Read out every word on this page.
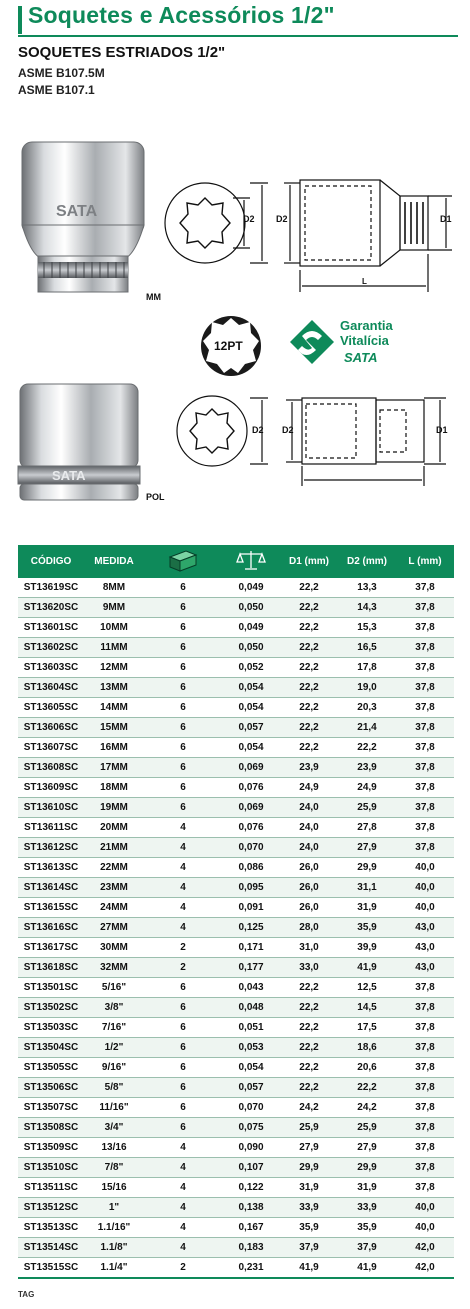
Soquetes e Acessórios 1/2"
SOQUETES ESTRIADOS 1/2"
ASME B107.5M
ASME B107.1
SATA	D2 D2	D1
L
12PT
Garantia
Vitalícia
SATA
SATA
D2 D2	D1
MM
POL
CÓDIGO	MEDIDA			D1 (mm)	D2 (mm)	L (mm)
ST13619SC	8MM	6	0,049	22,2	13,3	37,8
ST13620SC	9MM	6	0,050	22,2	14,3	37,8
ST13601SC	10MM	6	0,049	22,2	15,3	37,8
ST13602SC	11MM	6	0,050	22,2	16,5	37,8
ST13603SC	12MM	6	0,052	22,2	17,8	37,8
ST13604SC	13MM	6	0,054	22,2	19,0	37,8
ST13605SC	14MM	6	0,054	22,2	20,3	37,8
ST13606SC	15MM	6	0,057	22,2	21,4	37,8
ST13607SC	16MM	6	0,054	22,2	22,2	37,8
ST13608SC	17MM	6	0,069	23,9	23,9	37,8
ST13609SC	18MM	6	0,076	24,9	24,9	37,8
ST13610SC	19MM	6	0,069	24,0	25,9	37,8
ST13611SC	20MM	4	0,076	24,0	27,8	37,8
ST13612SC	21MM	4	0,070	24,0	27,9	37,8
ST13613SC	22MM	4	0,086	26,0	29,9	40,0
ST13614SC	23MM	4	0,095	26,0	31,1	40,0
ST13615SC	24MM	4	0,091	26,0	31,9	40,0
ST13616SC	27MM	4	0,125	28,0	35,9	43,0
ST13617SC	30MM	2	0,171	31,0	39,9	43,0
ST13618SC	32MM	2	0,177	33,0	41,9	43,0
ST13501SC	5/16"	6	0,043	22,2	12,5	37,8
ST13502SC	3/8"	6	0,048	22,2	14,5	37,8
ST13503SC	7/16"	6	0,051	22,2	17,5	37,8
ST13504SC	1/2"	6	0,053	22,2	18,6	37,8
ST13505SC	9/16"	6	0,054	22,2	20,6	37,8
ST13506SC	5/8"	6	0,057	22,2	22,2	37,8
ST13507SC	11/16"	6	0,070	24,2	24,2	37,8
ST13508SC	3/4"	6	0,075	25,9	25,9	37,8
ST13509SC	13/16	4	0,090	27,9	27,9	37,8
ST13510SC	7/8"	4	0,107	29,9	29,9	37,8
ST13511SC	15/16	4	0,122	31,9	31,9	37,8
ST13512SC	1"	4	0,138	33,9	33,9	40,0
ST13513SC	1.1/16"	4	0,167	35,9	35,9	40,0
ST13514SC	1.1/8"	4	0,183	37,9	37,9	42,0
ST13515SC	1.1/4"	2	0,231	41,9	41,9	42,0
TAG
